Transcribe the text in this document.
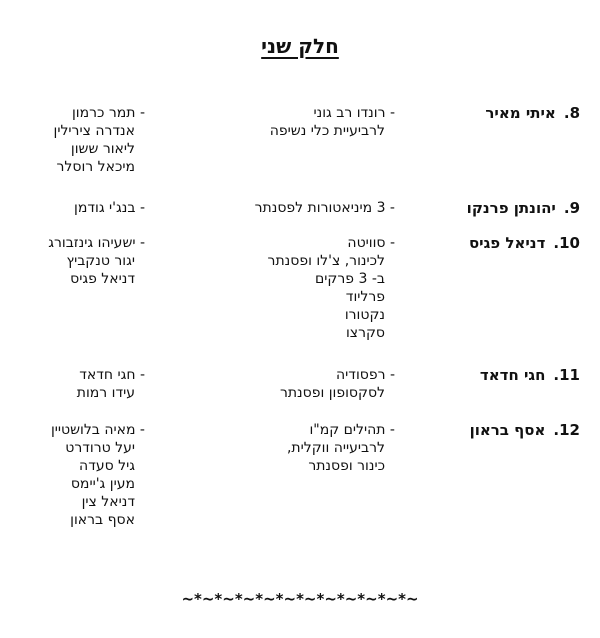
חלק שני
8.איתי מאיר
- רונדו רב גוני
לרביעיית כלי נשיפה
- תמר כרמון
אנדרה צירילין
ליאור ששון
מיכאל רוסלר
9.יהונתן פרנקו
- 3 מיניאטורות לפסנתר
- בנג'י גודמן
10.דניאל פגיס
- סוויטה
לכינור, צ'לו ופסנתר
ב- 3 פרקים
פרליוד
נקטורו
סקרצו
- ישעיהו גינזבורג
יגור טנקביץ
דניאל פגיס
11.חגי חדאד
- רפסודיה
לסקסופון ופסנתר
- חגי חדאד
עידו רמות
12.אסף בראון
- תהילים קמ"ו
לרביעייה ווקלית,
כינור ופסנתר
- מאיה בלושטיין
יעל טרודרט
גיל סעדה
מעין ג'יימס
דניאל צין
אסף בראון
~*~*~*~*~*~*~*~*~*~*~*~
